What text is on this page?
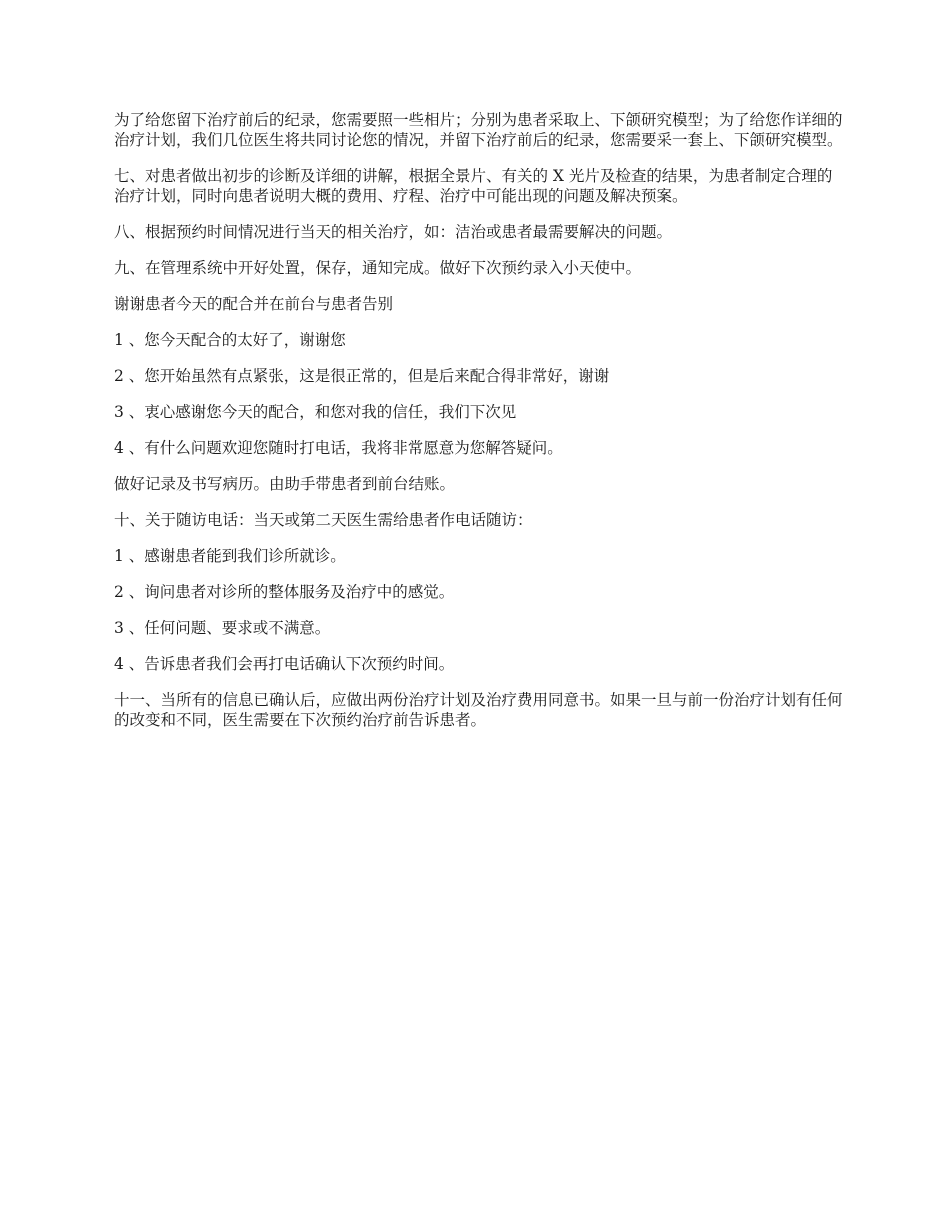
为了给您留下治疗前后的纪录，您需要照一些相片；分别为患者采取上、下颌研究模型；为了给您作详细的治疗计划，我们几位医生将共同讨论您的情况，并留下治疗前后的纪录，您需要采一套上、下颌研究模型。

七、对患者做出初步的诊断及详细的讲解，根据全景片、有关的 X 光片及检查的结果，为患者制定合理的治疗计划，同时向患者说明大概的费用、疗程、治疗中可能出现的问题及解决预案。

八、根据预约时间情况进行当天的相关治疗，如：洁治或患者最需要解决的问题。

九、在管理系统中开好处置，保存，通知完成。做好下次预约录入小天使中。

谢谢患者今天的配合并在前台与患者告别

1 、您今天配合的太好了，谢谢您

2 、您开始虽然有点紧张，这是很正常的，但是后来配合得非常好，谢谢

3 、衷心感谢您今天的配合，和您对我的信任，我们下次见

4 、有什么问题欢迎您随时打电话，我将非常愿意为您解答疑问。

做好记录及书写病历。由助手带患者到前台结账。

十、关于随访电话：当天或第二天医生需给患者作电话随访：

1 、感谢患者能到我们诊所就诊。

2 、询问患者对诊所的整体服务及治疗中的感觉。

3 、任何问题、要求或不满意。

4 、告诉患者我们会再打电话确认下次预约时间。

十一、当所有的信息已确认后，应做出两份治疗计划及治疗费用同意书。如果一旦与前一份治疗计划有任何的改变和不同，医生需要在下次预约治疗前告诉患者。
